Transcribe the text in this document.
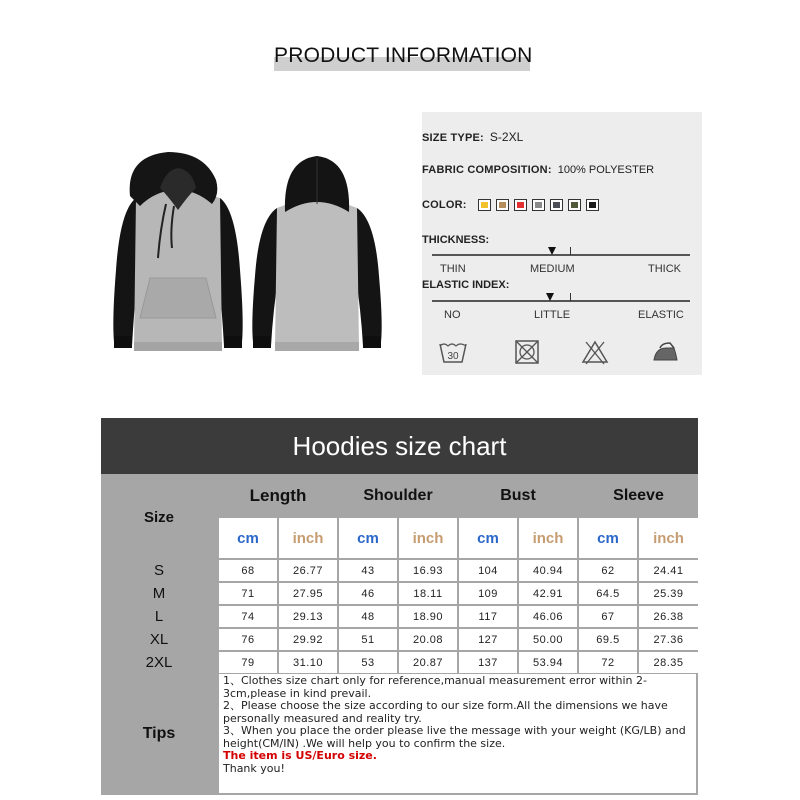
PRODUCT INFORMATION
SIZE TYPE: S-2XL
FABRIC COMPOSITION: 100% POLYESTER
COLOR:
THICKNESS:
THIN	MEDIUM	THICK
ELASTIC INDEX:
NO	LITTLE	ELASTIC
30
Hoodies size chart
Size
Length	Shoulder	Bust	Sleeve
Tips

1、Clothes size chart only for reference,manual measurement error within 2-3cm,please in kind prevail.

2、Please choose the size according to our size form.All the dimensions we have personally measured and reality try.

3、When you place the order please live the message with your weight (KG/LB) and height(CM/IN) .We will help you to confirm the size.

The item is US/Euro size.

Thank you!

cm	inch	cm	inch	cm	inch	cm	inch
S	68	26.77	43	16.93	104	40.94	62	24.41
M	71	27.95	46	18.11	109	42.91	64.5	25.39
L	74	29.13	48	18.90	117	46.06	67	26.38
XL	76	29.92	51	20.08	127	50.00	69.5	27.36
2XL	79	31.10	53	20.87	137	53.94	72	28.35
